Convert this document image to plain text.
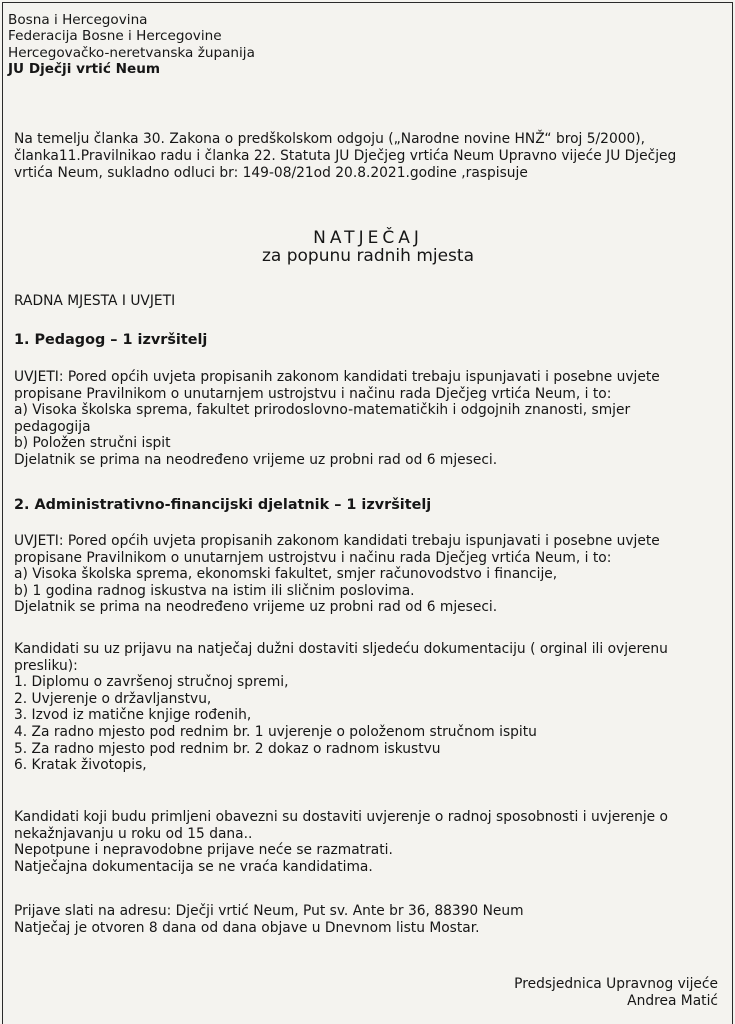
Bosna i Hercegovina
Federacija Bosne i Hercegovine
Hercegovačko-neretvanska županija
JU Dječji vrtić Neum
Na temelju članka 30. Zakona o predškolskom odgoju („Narodne novine HNŽ“ broj 5/2000),
članka11.Pravilnikao radu i članka 22. Statuta JU Dječjeg vrtića Neum Upravno vijeće JU Dječjeg
vrtića Neum, sukladno odluci br: 149-08/21od 20.8.2021.godine ,raspisuje
NATJEČAJ
za popunu radnih mjesta
RADNA MJESTA I UVJETI
1. Pedagog – 1 izvršitelj
UVJETI: Pored općih uvjeta propisanih zakonom kandidati trebaju ispunjavati i posebne uvjete
propisane Pravilnikom o unutarnjem ustrojstvu i načinu rada Dječjeg vrtića Neum, i to:
a) Visoka školska sprema, fakultet prirodoslovno-matematičkih i odgojnih znanosti, smjer
pedagogija
b) Položen stručni ispit
Djelatnik se prima na neodređeno vrijeme uz probni rad od 6 mjeseci.
2. Administrativno-financijski djelatnik – 1 izvršitelj
UVJETI: Pored općih uvjeta propisanih zakonom kandidati trebaju ispunjavati i posebne uvjete
propisane Pravilnikom o unutarnjem ustrojstvu i načinu rada Dječjeg vrtića Neum, i to:
a) Visoka školska sprema, ekonomski fakultet, smjer računovodstvo i financije,
b) 1 godina radnog iskustva na istim ili sličnim poslovima.
Djelatnik se prima na neodređeno vrijeme uz probni rad od 6 mjeseci.
Kandidati su uz prijavu na natječaj dužni dostaviti sljedeću dokumentaciju ( orginal ili ovjerenu
presliku):
1. Diplomu o završenoj stručnoj spremi,
2. Uvjerenje o državljanstvu,
3. Izvod iz matične knjige rođenih,
4. Za radno mjesto pod rednim br. 1 uvjerenje o položenom stručnom ispitu
5. Za radno mjesto pod rednim br. 2 dokaz o radnom iskustvu
6. Kratak životopis,
Kandidati koji budu primljeni obavezni su dostaviti uvjerenje o radnoj sposobnosti i uvjerenje o
nekažnjavanju u roku od 15 dana..
Nepotpune i nepravodobne prijave neće se razmatrati.
Natječajna dokumentacija se ne vraća kandidatima.
Prijave slati na adresu: Dječji vrtić Neum, Put sv. Ante br 36, 88390 Neum
Natječaj je otvoren 8 dana od dana objave u Dnevnom listu Mostar.
Predsjednica Upravnog vijeće
Andrea Matić
